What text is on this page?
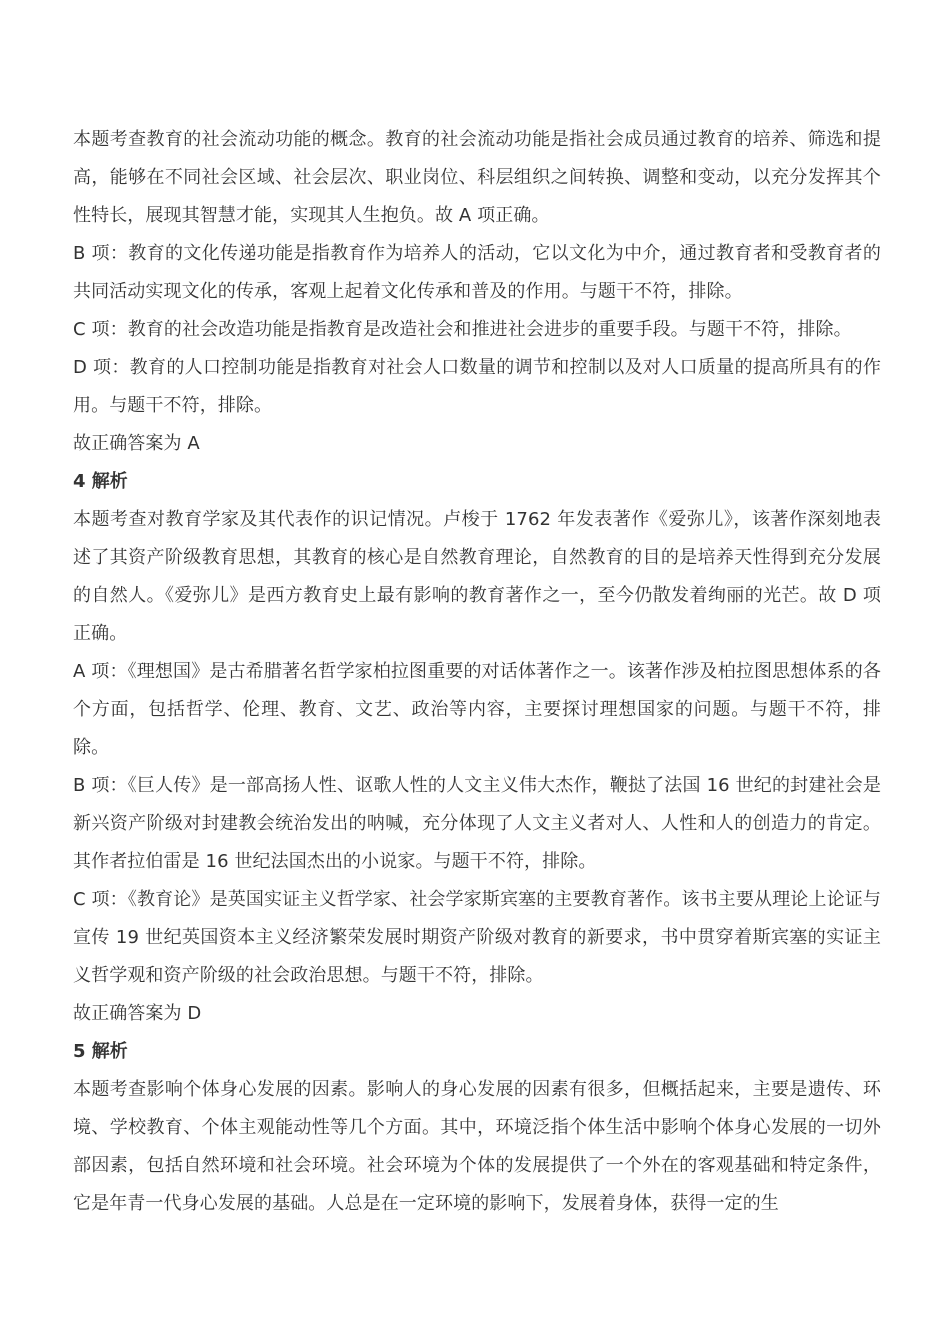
本题考查教育的社会流动功能的概念。教育的社会流动功能是指社会成员通过教育的培养、筛选和提高，能够在不同社会区域、社会层次、职业岗位、科层组织之间转换、调整和变动，以充分发挥其个性特长，展现其智慧才能，实现其人生抱负。故 A 项正确。

B 项：教育的文化传递功能是指教育作为培养人的活动，它以文化为中介，通过教育者和受教育者的共同活动实现文化的传承，客观上起着文化传承和普及的作用。与题干不符，排除。

C 项：教育的社会改造功能是指教育是改造社会和推进社会进步的重要手段。与题干不符，排除。

D 项：教育的人口控制功能是指教育对社会人口数量的调节和控制以及对人口质量的提高所具有的作用。与题干不符，排除。

故正确答案为 A

4 解析

本题考查对教育学家及其代表作的识记情况。卢梭于 1762 年发表著作《爱弥儿》，该著作深刻地表述了其资产阶级教育思想，其教育的核心是自然教育理论，自然教育的目的是培养天性得到充分发展的自然人。《爱弥儿》是西方教育史上最有影响的教育著作之一，至今仍散发着绚丽的光芒。故 D 项正确。

A 项：《理想国》是古希腊著名哲学家柏拉图重要的对话体著作之一。该著作涉及柏拉图思想体系的各个方面，包括哲学、伦理、教育、文艺、政治等内容，主要探讨理想国家的问题。与题干不符，排除。

B 项：《巨人传》是一部高扬人性、讴歌人性的人文主义伟大杰作，鞭挞了法国 16 世纪的封建社会是新兴资产阶级对封建教会统治发出的呐喊，充分体现了人文主义者对人、人性和人的创造力的肯定。其作者拉伯雷是 16 世纪法国杰出的小说家。与题干不符，排除。

C 项：《教育论》是英国实证主义哲学家、社会学家斯宾塞的主要教育著作。该书主要从理论上论证与宣传 19 世纪英国资本主义经济繁荣发展时期资产阶级对教育的新要求，书中贯穿着斯宾塞的实证主义哲学观和资产阶级的社会政治思想。与题干不符，排除。

故正确答案为 D

5 解析

本题考查影响个体身心发展的因素。影响人的身心发展的因素有很多，但概括起来，主要是遗传、环境、学校教育、个体主观能动性等几个方面。其中，环境泛指个体生活中影响个体身心发展的一切外部因素，包括自然环境和社会环境。社会环境为个体的发展提供了一个外在的客观基础和特定条件，它是年青一代身心发展的基础。人总是在一定环境的影响下，发展着身体，获得一定的生
